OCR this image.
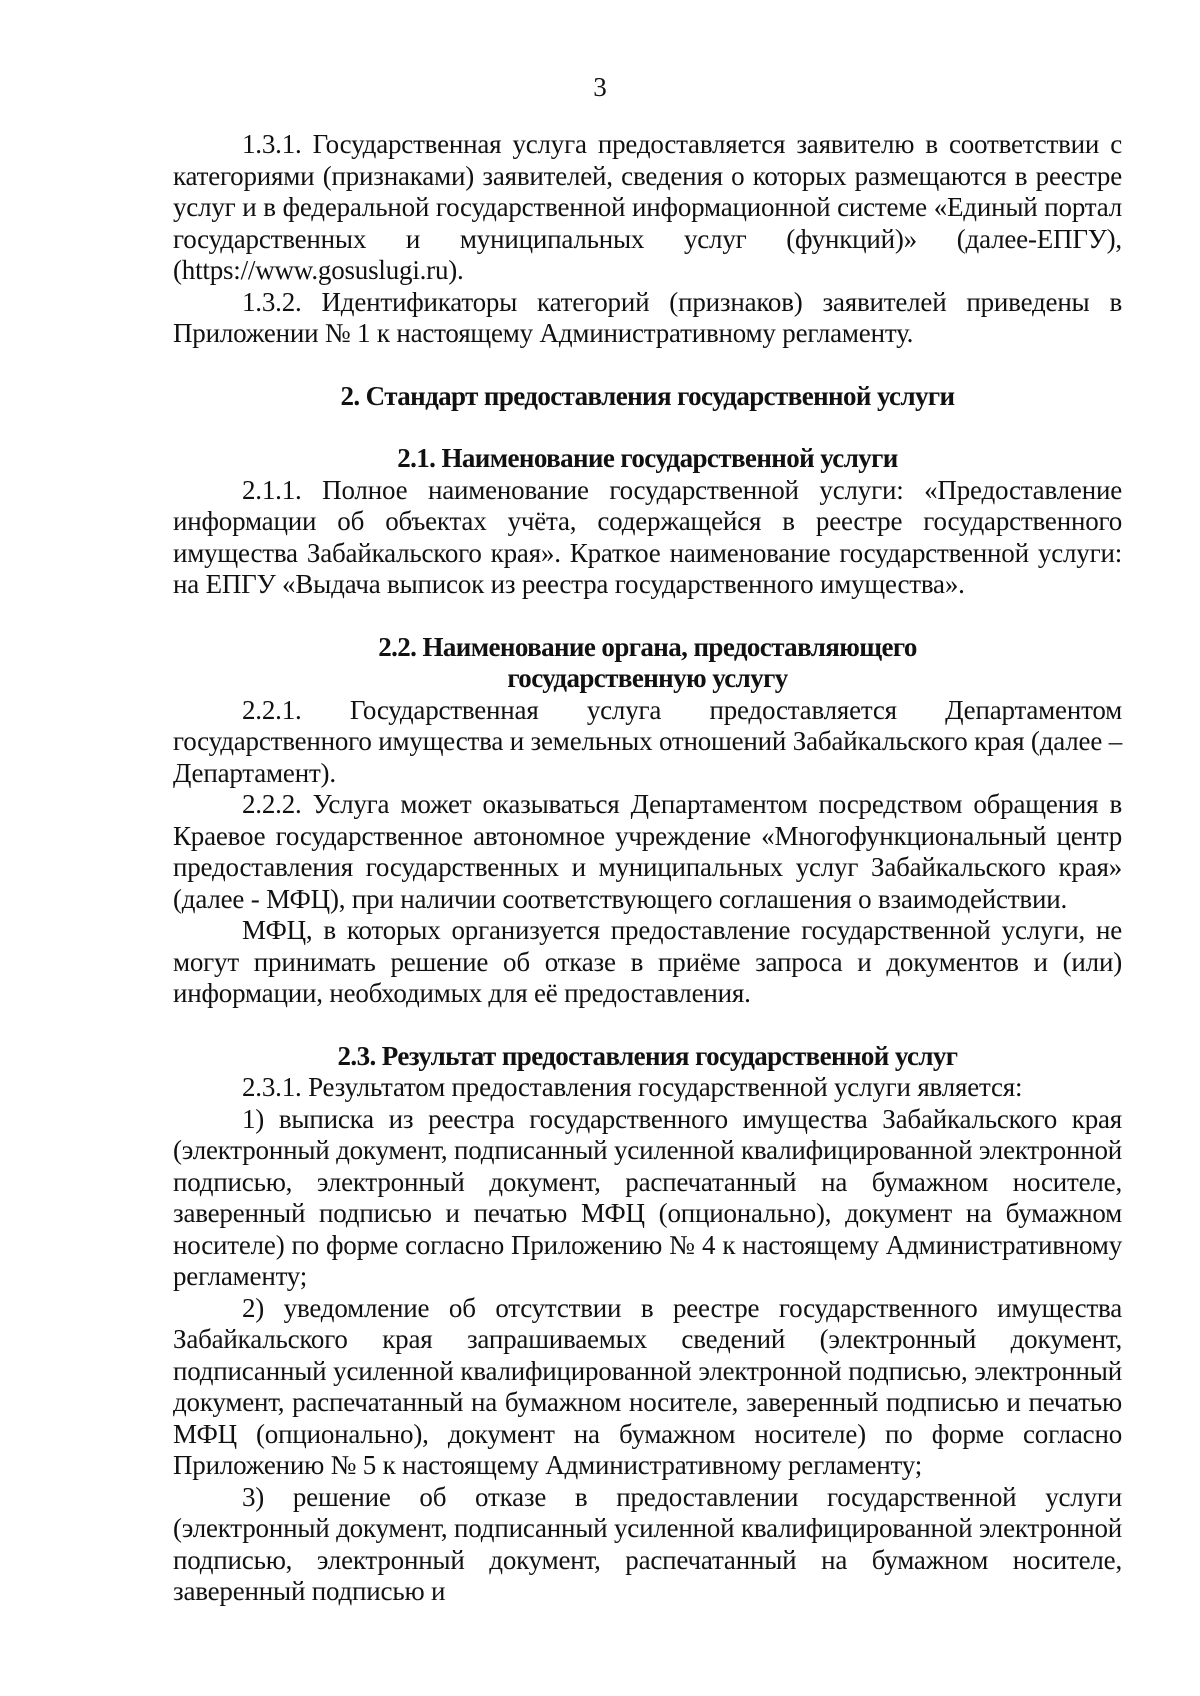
3

1.3.1. Государственная услуга предоставляется заявителю в соответствии с категориями (признаками) заявителей, сведения о которых размещаются в реестре услуг и в федеральной государственной информационной системе «Единый портал государственных и муниципальных услуг (функций)» (далее-ЕПГУ), (https://www.gosuslugi.ru).

1.3.2. Идентификаторы категорий (признаков) заявителей приведены в Приложении № 1 к настоящему Административному регламенту.

2. Стандарт предоставления государственной услуги
2.1. Наименование государственной услуги

2.1.1. Полное наименование государственной услуги: «Предоставление информации об объектах учёта, содержащейся в реестре государственного имущества Забайкальского края». Краткое наименование государственной услуги: на ЕПГУ «Выдача выписок из реестра государственного имущества».

2.2. Наименование органа, предоставляющего
государственную услугу

2.2.1. Государственная услуга предоставляется Департаментом государственного имущества и земельных отношений Забайкальского края (далее – Департамент).

2.2.2. Услуга может оказываться Департаментом посредством обращения в Краевое государственное автономное учреждение «Многофункциональный центр предоставления государственных и муниципальных услуг Забайкальского края» (далее - МФЦ), при наличии соответствующего соглашения о взаимодействии.

МФЦ, в которых организуется предоставление государственной услуги, не могут принимать решение об отказе в приёме запроса и документов и (или) информации, необходимых для её предоставления.

2.3. Результат предоставления государственной услуг

2.3.1. Результатом предоставления государственной услуги является:

1) выписка из реестра государственного имущества Забайкальского края (электронный документ, подписанный усиленной квалифицированной электронной подписью, электронный документ, распечатанный на бумажном носителе, заверенный подписью и печатью МФЦ (опционально), документ на бумажном носителе) по форме согласно Приложению № 4 к настоящему Административному регламенту;

2) уведомление об отсутствии в реестре государственного имущества Забайкальского края запрашиваемых сведений (электронный документ, подписанный усиленной квалифицированной электронной подписью, электронный документ, распечатанный на бумажном носителе, заверенный подписью и печатью МФЦ (опционально), документ на бумажном носителе) по форме согласно Приложению № 5 к настоящему Административному регламенту;

3) решение об отказе в предоставлении государственной услуги (электронный документ, подписанный усиленной квалифицированной электронной подписью, электронный документ, распечатанный на бумажном носителе, заверенный подписью и
